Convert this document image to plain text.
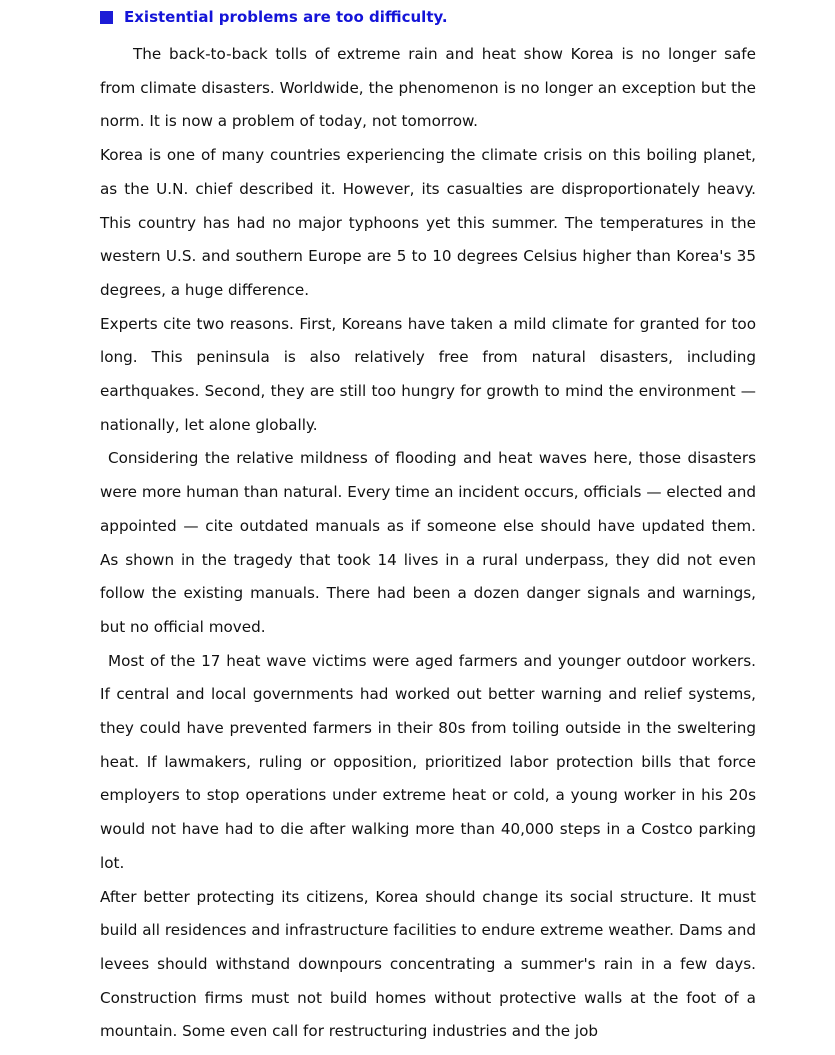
Existential problems are too difficulty.

The back-to-back tolls of extreme rain and heat show Korea is no longer safe from climate disasters. Worldwide, the phenomenon is no longer an exception but the norm. It is now a problem of today, not tomorrow.

Korea is one of many countries experiencing the climate crisis on this boiling planet, as the U.N. chief described it. However, its casualties are disproportionately heavy. This country has had no major typhoons yet this summer. The temperatures in the western U.S. and southern Europe are 5 to 10 degrees Celsius higher than Korea's 35 degrees, a huge difference.

Experts cite two reasons. First, Koreans have taken a mild climate for granted for too long. This peninsula is also relatively free from natural disasters, including earthquakes. Second, they are still too hungry for growth to mind the environment — nationally, let alone globally.

Considering the relative mildness of flooding and heat waves here, those disasters were more human than natural. Every time an incident occurs, officials — elected and appointed — cite outdated manuals as if someone else should have updated them. As shown in the tragedy that took 14 lives in a rural underpass, they did not even follow the existing manuals. There had been a dozen danger signals and warnings, but no official moved.

Most of the 17 heat wave victims were aged farmers and younger outdoor workers. If central and local governments had worked out better warning and relief systems, they could have prevented farmers in their 80s from toiling outside in the sweltering heat. If lawmakers, ruling or opposition, prioritized labor protection bills that force employers to stop operations under extreme heat or cold, a young worker in his 20s would not have had to die after walking more than 40,000 steps in a Costco parking lot.

After better protecting its citizens, Korea should change its social structure. It must build all residences and infrastructure facilities to endure extreme weather. Dams and levees should withstand downpours concentrating a summer's rain in a few days. Construction firms must not build homes without protective walls at the foot of a mountain. Some even call for restructuring industries and the job
